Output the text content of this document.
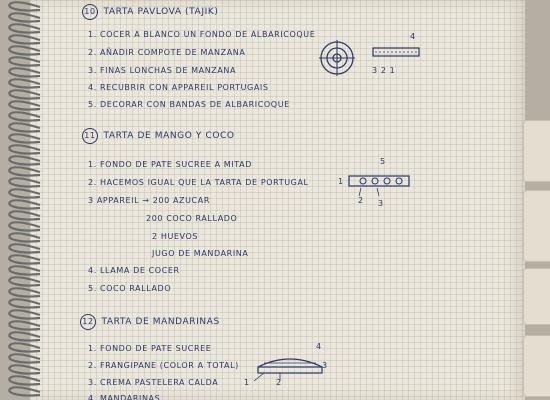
10 TARTA PAVLOVA (TAJIK)
1. COCER A BLANCO UN FONDO DE ALBARICOQUE
2. AÑADIR COMPOTE DE MANZANA
3. FINAS LONCHAS DE MANZANA
4. RECUBRIR CON APPAREIL PORTUGAIS
5. DECORAR CON BANDAS DE ALBARICOQUE
4
3 2 1
11 TARTA DE MANGO Y COCO
1. FONDO DE PATE SUCREE A MITAD
2. HACEMOS IGUAL QUE LA TARTA DE PORTUGAL
3 APPAREIL → 200 AZUCAR
200 COCO RALLADO
2 HUEVOS
JUGO DE MANDARINA
4. LLAMA DE COCER
5. COCO RALLADO
5
1
2 3
12 TARTA DE MANDARINAS
1. FONDO DE PATE SUCREE
2. FRANGIPANE (COLOR A TOTAL)
3. CREMA PASTELERA CALDA
4. MANDARINAS
4
3
1	2
